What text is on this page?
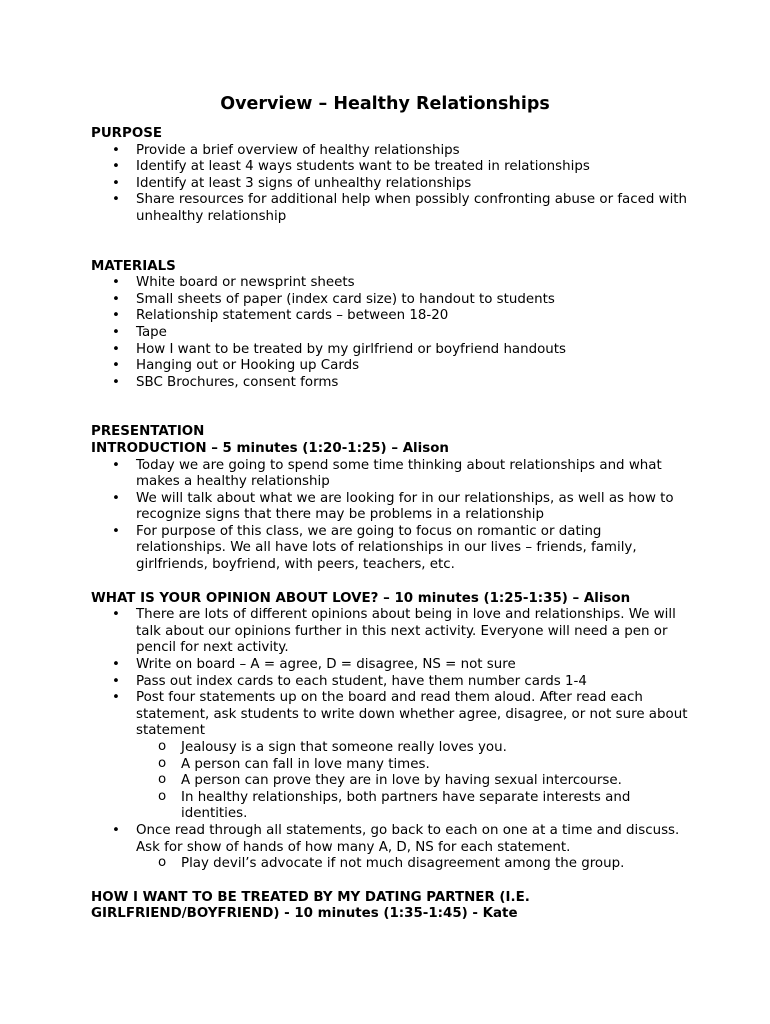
Overview – Healthy Relationships
PURPOSE
• Provide a brief overview of healthy relationships
• Identify at least 4 ways students want to be treated in relationships
• Identify at least 3 signs of unhealthy relationships
• Share resources for additional help when possibly confronting abuse or faced with unhealthy relationship
MATERIALS
• White board or newsprint sheets
• Small sheets of paper (index card size) to handout to students
• Relationship statement cards – between 18-20
• Tape
• How I want to be treated by my girlfriend or boyfriend handouts
• Hanging out or Hooking up Cards
• SBC Brochures, consent forms
PRESENTATION
INTRODUCTION – 5 minutes (1:20-1:25) – Alison
• Today we are going to spend some time thinking about relationships and what makes a healthy relationship
• We will talk about what we are looking for in our relationships, as well as how to recognize signs that there may be problems in a relationship
• For purpose of this class, we are going to focus on romantic or dating relationships. We all have lots of relationships in our lives – friends, family, girlfriends, boyfriend, with peers, teachers, etc.
WHAT IS YOUR OPINION ABOUT LOVE? – 10 minutes (1:25-1:35) – Alison
• There are lots of different opinions about being in love and relationships. We will talk about our opinions further in this next activity. Everyone will need a pen or pencil for next activity.
• Write on board – A = agree, D = disagree, NS = not sure
• Pass out index cards to each student, have them number cards 1-4
• Post four statements up on the board and read them aloud. After read each statement, ask students to write down whether agree, disagree, or not sure about statement
o Jealousy is a sign that someone really loves you.
o A person can fall in love many times.
o A person can prove they are in love by having sexual intercourse.
o In healthy relationships, both partners have separate interests and identities.
• Once read through all statements, go back to each on one at a time and discuss. Ask for show of hands of how many A, D, NS for each statement.
o Play devil’s advocate if not much disagreement among the group.
HOW I WANT TO BE TREATED BY MY DATING PARTNER (I.E. GIRLFRIEND/BOYFRIEND) - 10 minutes (1:35-1:45) - Kate
